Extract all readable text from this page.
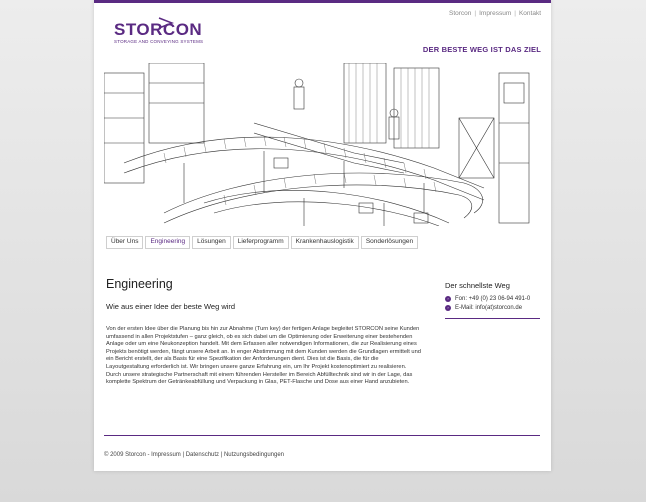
Storcon | Impressum | Kontakt
STORCON
STORAGE AND CONVEYING SYSTEMS
DER BESTE WEG IST DAS ZIEL
Über Uns	Engineering	Lösungen	Lieferprogramm	Krankenhauslogistik	Sonderlösungen
Engineering
Wie aus einer Idee der beste Weg wird

Von der ersten Idee über die Planung bis hin zur Abnahme (Turn key) der fertigen Anlage begleitet STORCON seine Kunden umfassend in allen Projektstufen – ganz gleich, ob es sich dabei um die Optimierung oder Erweiterung einer bestehenden Anlage oder um eine Neukonzeption handelt. Mit dem Erfassen aller notwendigen Informationen, die zur Realisierung eines Projekts benötigt werden, fängt unsere Arbeit an. In enger Abstimmung mit dem Kunden werden die Grundlagen ermittelt und ein Bericht erstellt, der als Basis für eine Spezifikation der Anforderungen dient. Dies ist die Basis, die für die Layoutgestaltung erforderlich ist. Wir bringen unsere ganze Erfahrung ein, um Ihr Projekt kostenoptimiert zu realisieren.

Durch unsere strategische Partnerschaft mit einem führenden Hersteller im Bereich Abfülltechnik sind wir in der Lage, das komplette Spektrum der Getränkeabfüllung und Verpackung in Glas, PET-Flasche und Dose aus einer Hand anzubieten.

Der schnellste Weg
›	Fon: +49 (0) 23 06-94 491-0
›	E-Mail: info(at)storcon.de
© 2009 Storcon - Impressum | Datenschutz | Nutzungsbedingungen
